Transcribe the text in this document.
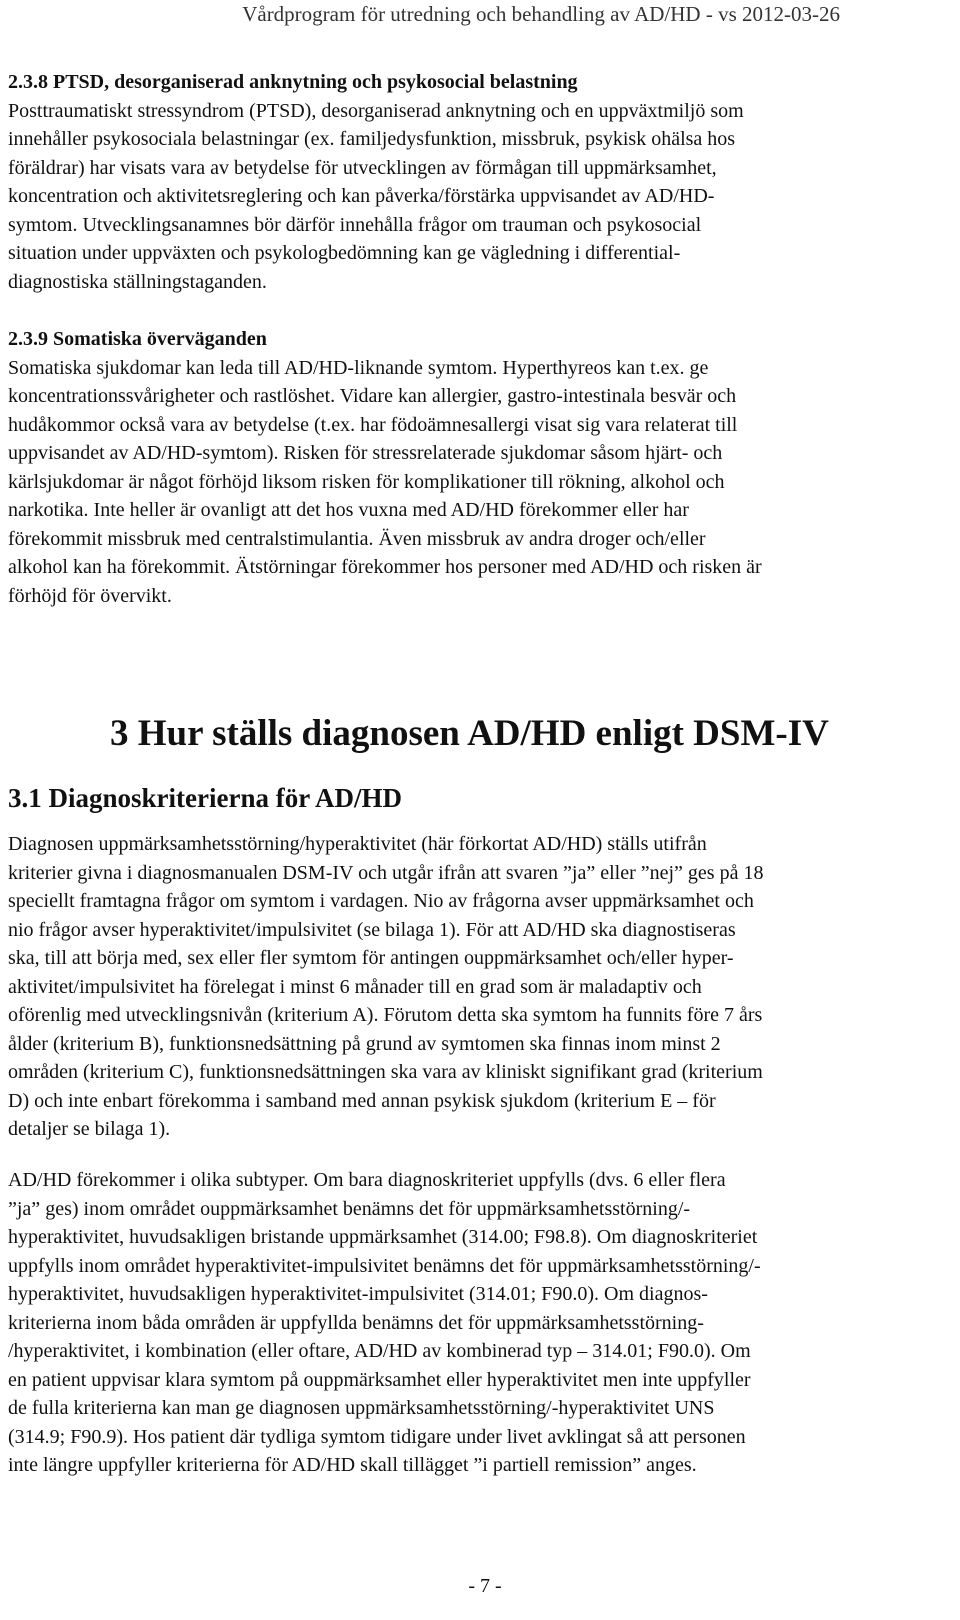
Vårdprogram för utredning och behandling av AD/HD - vs 2012-03-26
2.3.8 PTSD, desorganiserad anknytning och psykosocial belastning
Posttraumatiskt stressyndrom (PTSD), desorganiserad anknytning och en uppväxtmiljö som
innehåller psykosociala belastningar (ex. familjedysfunktion, missbruk, psykisk ohälsa hos
föräldrar) har visats vara av betydelse för utvecklingen av förmågan till uppmärksamhet,
koncentration och aktivitetsreglering och kan påverka/förstärka uppvisandet av AD/HD-
symtom. Utvecklingsanamnes bör därför innehålla frågor om trauman och psykosocial
situation under uppväxten och psykologbedömning kan ge vägledning i differential-
diagnostiska ställningstaganden.
2.3.9 Somatiska överväganden
Somatiska sjukdomar kan leda till AD/HD-liknande symtom. Hyperthyreos kan t.ex. ge
koncentrationssvårigheter och rastlöshet. Vidare kan allergier, gastro-intestinala besvär och
hudåkommor också vara av betydelse (t.ex. har födoämnesallergi visat sig vara relaterat till
uppvisandet av AD/HD-symtom). Risken för stressrelaterade sjukdomar såsom hjärt- och
kärlsjukdomar är något förhöjd liksom risken för komplikationer till rökning, alkohol och
narkotika. Inte heller är ovanligt att det hos vuxna med AD/HD förekommer eller har
förekommit missbruk med centralstimulantia. Även missbruk av andra droger och/eller
alkohol kan ha förekommit. Ätstörningar förekommer hos personer med AD/HD och risken är
förhöjd för övervikt.
3 Hur ställs diagnosen AD/HD enligt DSM-IV
3.1 Diagnoskriterierna för AD/HD
Diagnosen uppmärksamhetsstörning/hyperaktivitet (här förkortat AD/HD) ställs utifrån
kriterier givna i diagnosmanualen DSM-IV och utgår ifrån att svaren ”ja” eller ”nej” ges på 18
speciellt framtagna frågor om symtom i vardagen. Nio av frågorna avser uppmärksamhet och
nio frågor avser hyperaktivitet/impulsivitet (se bilaga 1). För att AD/HD ska diagnostiseras
ska, till att börja med, sex eller fler symtom för antingen ouppmärksamhet och/eller hyper-
aktivitet/impulsivitet ha förelegat i minst 6 månader till en grad som är maladaptiv och
oförenlig med utvecklingsnivån (kriterium A). Förutom detta ska symtom ha funnits före 7 års
ålder (kriterium B), funktionsnedsättning på grund av symtomen ska finnas inom minst 2
områden (kriterium C), funktionsnedsättningen ska vara av kliniskt signifikant grad (kriterium
D) och inte enbart förekomma i samband med annan psykisk sjukdom (kriterium E – för
detaljer se bilaga 1).
AD/HD förekommer i olika subtyper. Om bara diagnoskriteriet uppfylls (dvs. 6 eller flera
”ja” ges) inom området ouppmärksamhet benämns det för uppmärksamhetsstörning/-
hyperaktivitet, huvudsakligen bristande uppmärksamhet (314.00; F98.8). Om diagnoskriteriet
uppfylls inom området hyperaktivitet-impulsivitet benämns det för uppmärksamhetsstörning/-
hyperaktivitet, huvudsakligen hyperaktivitet-impulsivitet (314.01; F90.0). Om diagnos-
kriterierna inom båda områden är uppfyllda benämns det för uppmärksamhetsstörning-
/hyperaktivitet, i kombination (eller oftare, AD/HD av kombinerad typ – 314.01; F90.0). Om
en patient uppvisar klara symtom på ouppmärksamhet eller hyperaktivitet men inte uppfyller
de fulla kriterierna kan man ge diagnosen uppmärksamhetsstörning/-hyperaktivitet UNS
(314.9; F90.9). Hos patient där tydliga symtom tidigare under livet avklingat så att personen
inte längre uppfyller kriterierna för AD/HD skall tillägget ”i partiell remission” anges.
- 7 -
